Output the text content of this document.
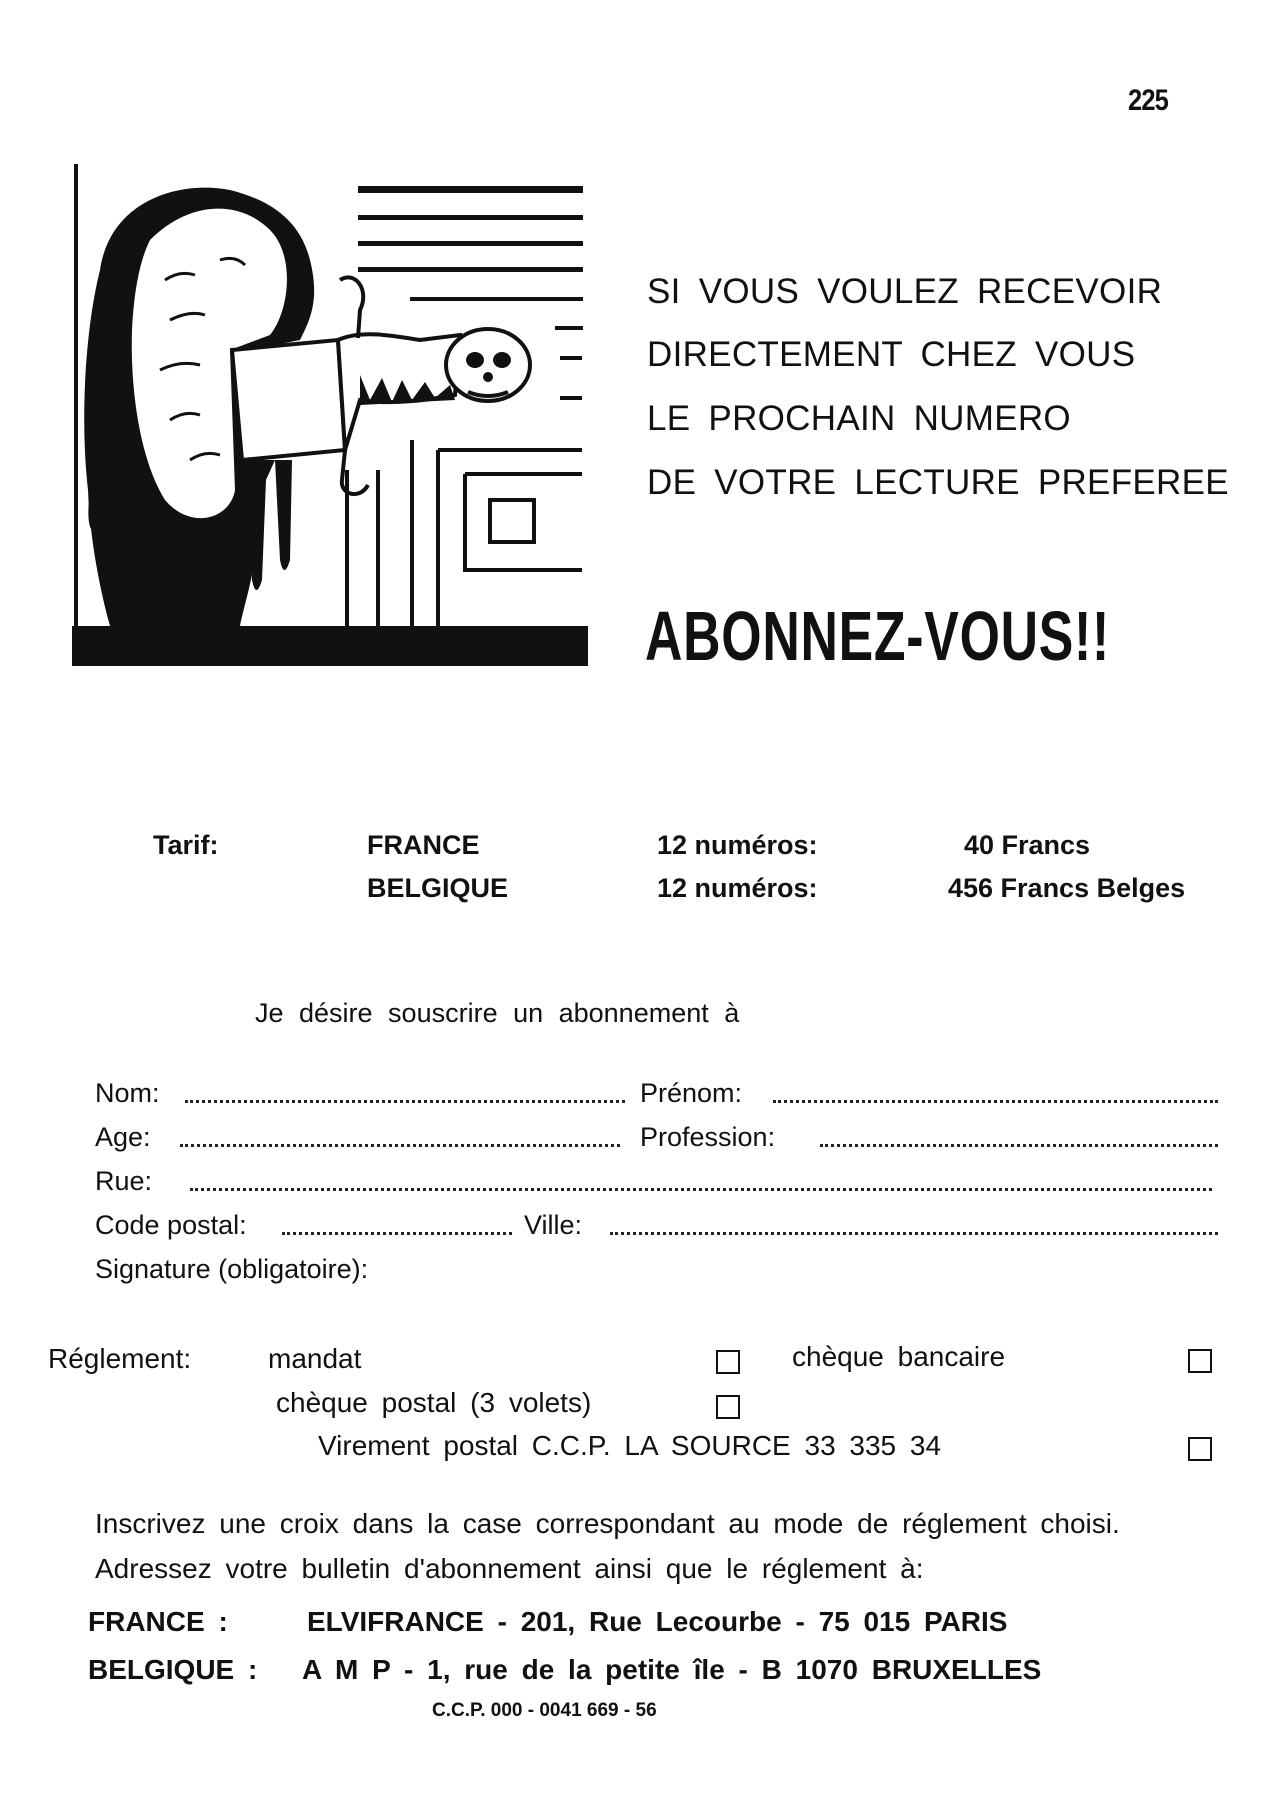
225
SI VOUS VOULEZ RECEVOIR
DIRECTEMENT CHEZ VOUS
LE PROCHAIN NUMERO
DE VOTRE LECTURE PREFEREE
ABONNEZ-VOUS!!
Tarif:	FRANCE	12 numéros:	40 Francs
BELGIQUE	12 numéros:	456 Francs Belges
Je désire souscrire un abonnement à
Nom:	Prénom:
Age:	Profession:
Rue:
Code postal:	Ville:
Signature (obligatoire):
Réglement:	mandat	chèque bancaire
chèque postal (3 volets)
Virement postal C.C.P. LA SOURCE 33 335 34
Inscrivez une croix dans la case correspondant au mode de réglement choisi.
Adressez votre bulletin d'abonnement ainsi que le réglement à:
FRANCE :	ELVIFRANCE - 201, Rue Lecourbe - 75 015 PARIS
BELGIQUE : A M P - 1, rue de la petite île - B 1070 BRUXELLES
C.C.P. 000 - 0041 669 - 56
